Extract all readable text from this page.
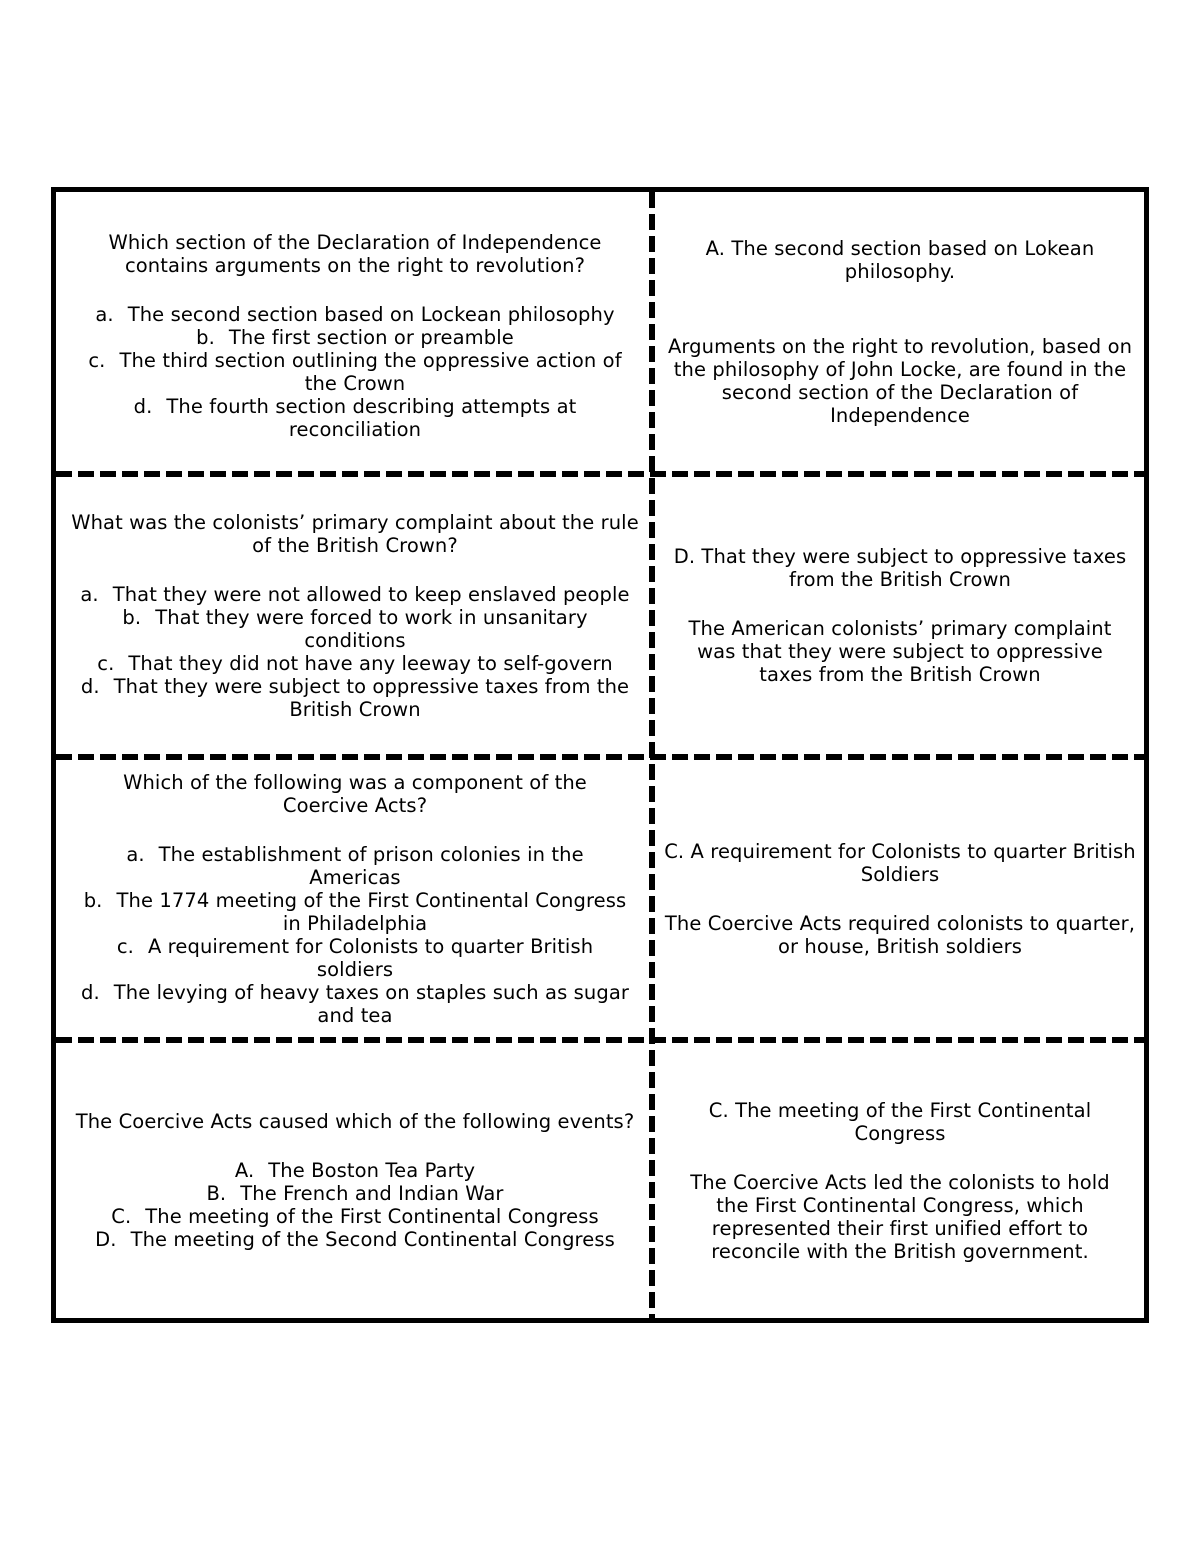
Which section of the Declaration of Independence contains arguments on the right to revolution?

a. The second section based on Lockean philosophy
b. The first section or preamble
c. The third section outlining the oppressive action of the Crown
d. The fourth section describing attempts at reconciliation

A. The second section based on Lokean philosophy.

Arguments on the right to revolution, based on the philosophy of John Locke, are found in the second section of the Declaration of Independence

What was the colonists’ primary complaint about the rule of the British Crown?

a. That they were not allowed to keep enslaved people
b. That they were forced to work in unsanitary conditions
c. That they did not have any leeway to self-govern
d. That they were subject to oppressive taxes from the British Crown

D. That they were subject to oppressive taxes from the British Crown

The American colonists’ primary complaint was that they were subject to oppressive taxes from the British Crown

Which of the following was a component of the Coercive Acts?

a. The establishment of prison colonies in the Americas
b. The 1774 meeting of the First Continental Congress in Philadelphia
c. A requirement for Colonists to quarter British soldiers
d. The levying of heavy taxes on staples such as sugar and tea

C. A requirement for Colonists to quarter British Soldiers

The Coercive Acts required colonists to quarter, or house, British soldiers

The Coercive Acts caused which of the following events?

A. The Boston Tea Party
B. The French and Indian War
C. The meeting of the First Continental Congress
D. The meeting of the Second Continental Congress

C. The meeting of the First Continental Congress

The Coercive Acts led the colonists to hold the First Continental Congress, which represented their first unified effort to reconcile with the British government.
